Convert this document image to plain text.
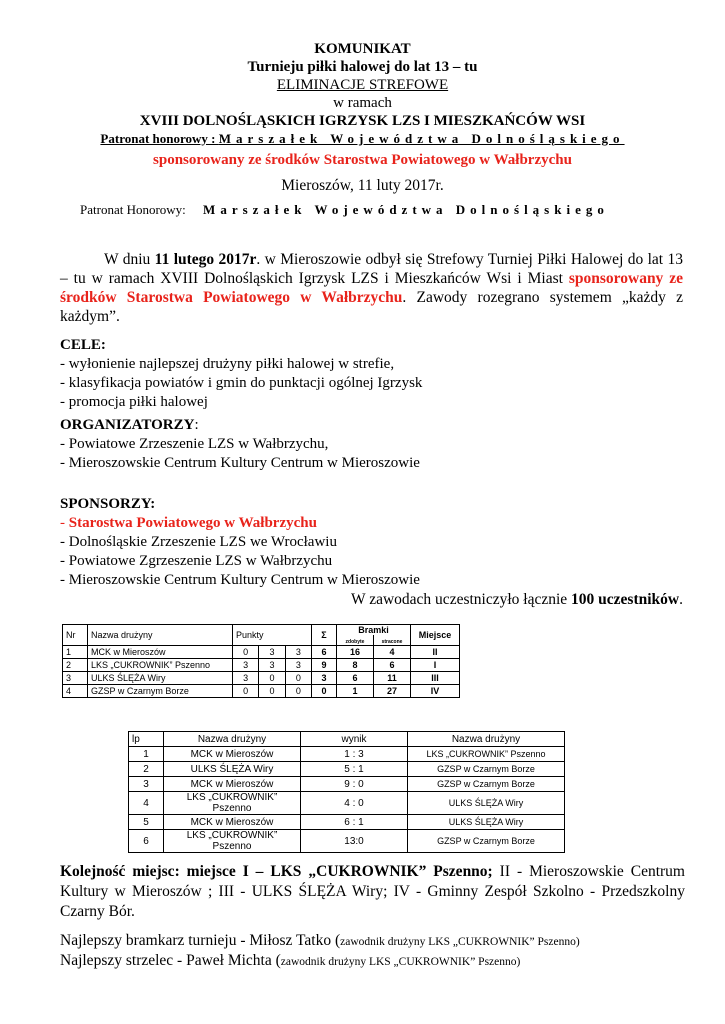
KOMUNIKAT
Turnieju piłki halowej do lat 13 – tu
ELIMINACJE STREFOWE
w ramach
XVIII DOLNOŚLĄSKICH IGRZYSK LZS I MIESZKAŃCÓW WSI
Patronat honorowy : Marszałek Województwa Dolnośląskiego
sponsorowany ze środków Starostwa Powiatowego w Wałbrzychu
Mieroszów, 11 luty 2017r.
Patronat Honorowy: Marszałek Województwa Dolnośląskiego
W dniu 11 lutego 2017r. w Mieroszowie odbył się Strefowy Turniej Piłki Halowej do lat 13 – tu w ramach XVIII Dolnośląskich Igrzysk LZS i Mieszkańców Wsi i Miast sponsorowany ze środków Starostwa Powiatowego w Wałbrzychu. Zawody rozegrano systemem „każdy z każdym”.
CELE:
- wyłonienie najlepszej drużyny piłki halowej w strefie,
- klasyfikacja powiatów i gmin do punktacji ogólnej Igrzysk
- promocja piłki halowej
ORGANIZATORZY:
- Powiatowe Zrzeszenie LZS w Wałbrzychu,
- Mieroszowskie Centrum Kultury Centrum w Mieroszowie
SPONSORZY:
- Starostwa Powiatowego w Wałbrzychu
- Dolnośląskie Zrzeszenie LZS we Wrocławiu
- Powiatowe Zgrzeszenie LZS w Wałbrzychu
- Mieroszowskie Centrum Kultury Centrum w Mieroszowie
W zawodach uczestniczyło łącznie 100 uczestników.
Nr	Nazwa drużyny	Punkty			Σ	Bramki		Miejsce
						zdobyte	stracone	
1	MCK w Mieroszów	0	3	3	6	16	4	II
2	LKS „CUKROWNIK” Pszenno	3	3	3	9	8	6	I
3	ULKS ŚLĘŻA Wiry	3	0	0	3	6	11	III
4	GZSP w Czarnym Borze	0	0	0	0	1	27	IV
lp	Nazwa drużyny	wynik	Nazwa drużyny
1	MCK w Mieroszów	1 : 3	LKS „CUKROWNIK” Pszenno
2	ULKS ŚLĘŻA Wiry	5 : 1	GZSP w Czarnym Borze
3	MCK w Mieroszów	9 : 0	GZSP w Czarnym Borze
4	LKS „CUKROWNIK” Pszenno	4 : 0	ULKS ŚLĘŻA Wiry
5	MCK w Mieroszów	6 : 1	ULKS ŚLĘŻA Wiry
6	LKS „CUKROWNIK” Pszenno	13:0	GZSP w Czarnym Borze
Kolejność miejsc: miejsce I – LKS „CUKROWNIK” Pszenno; II - Mieroszowskie Centrum Kultury w Mieroszów ; III - ULKS ŚLĘŻA Wiry; IV - Gminny Zespół Szkolno - Przedszkolny Czarny Bór.
Najlepszy bramkarz turnieju - Miłosz Tatko (zawodnik drużyny LKS „CUKROWNIK” Pszenno)
Najlepszy strzelec - Paweł Michta (zawodnik drużyny LKS „CUKROWNIK” Pszenno)
